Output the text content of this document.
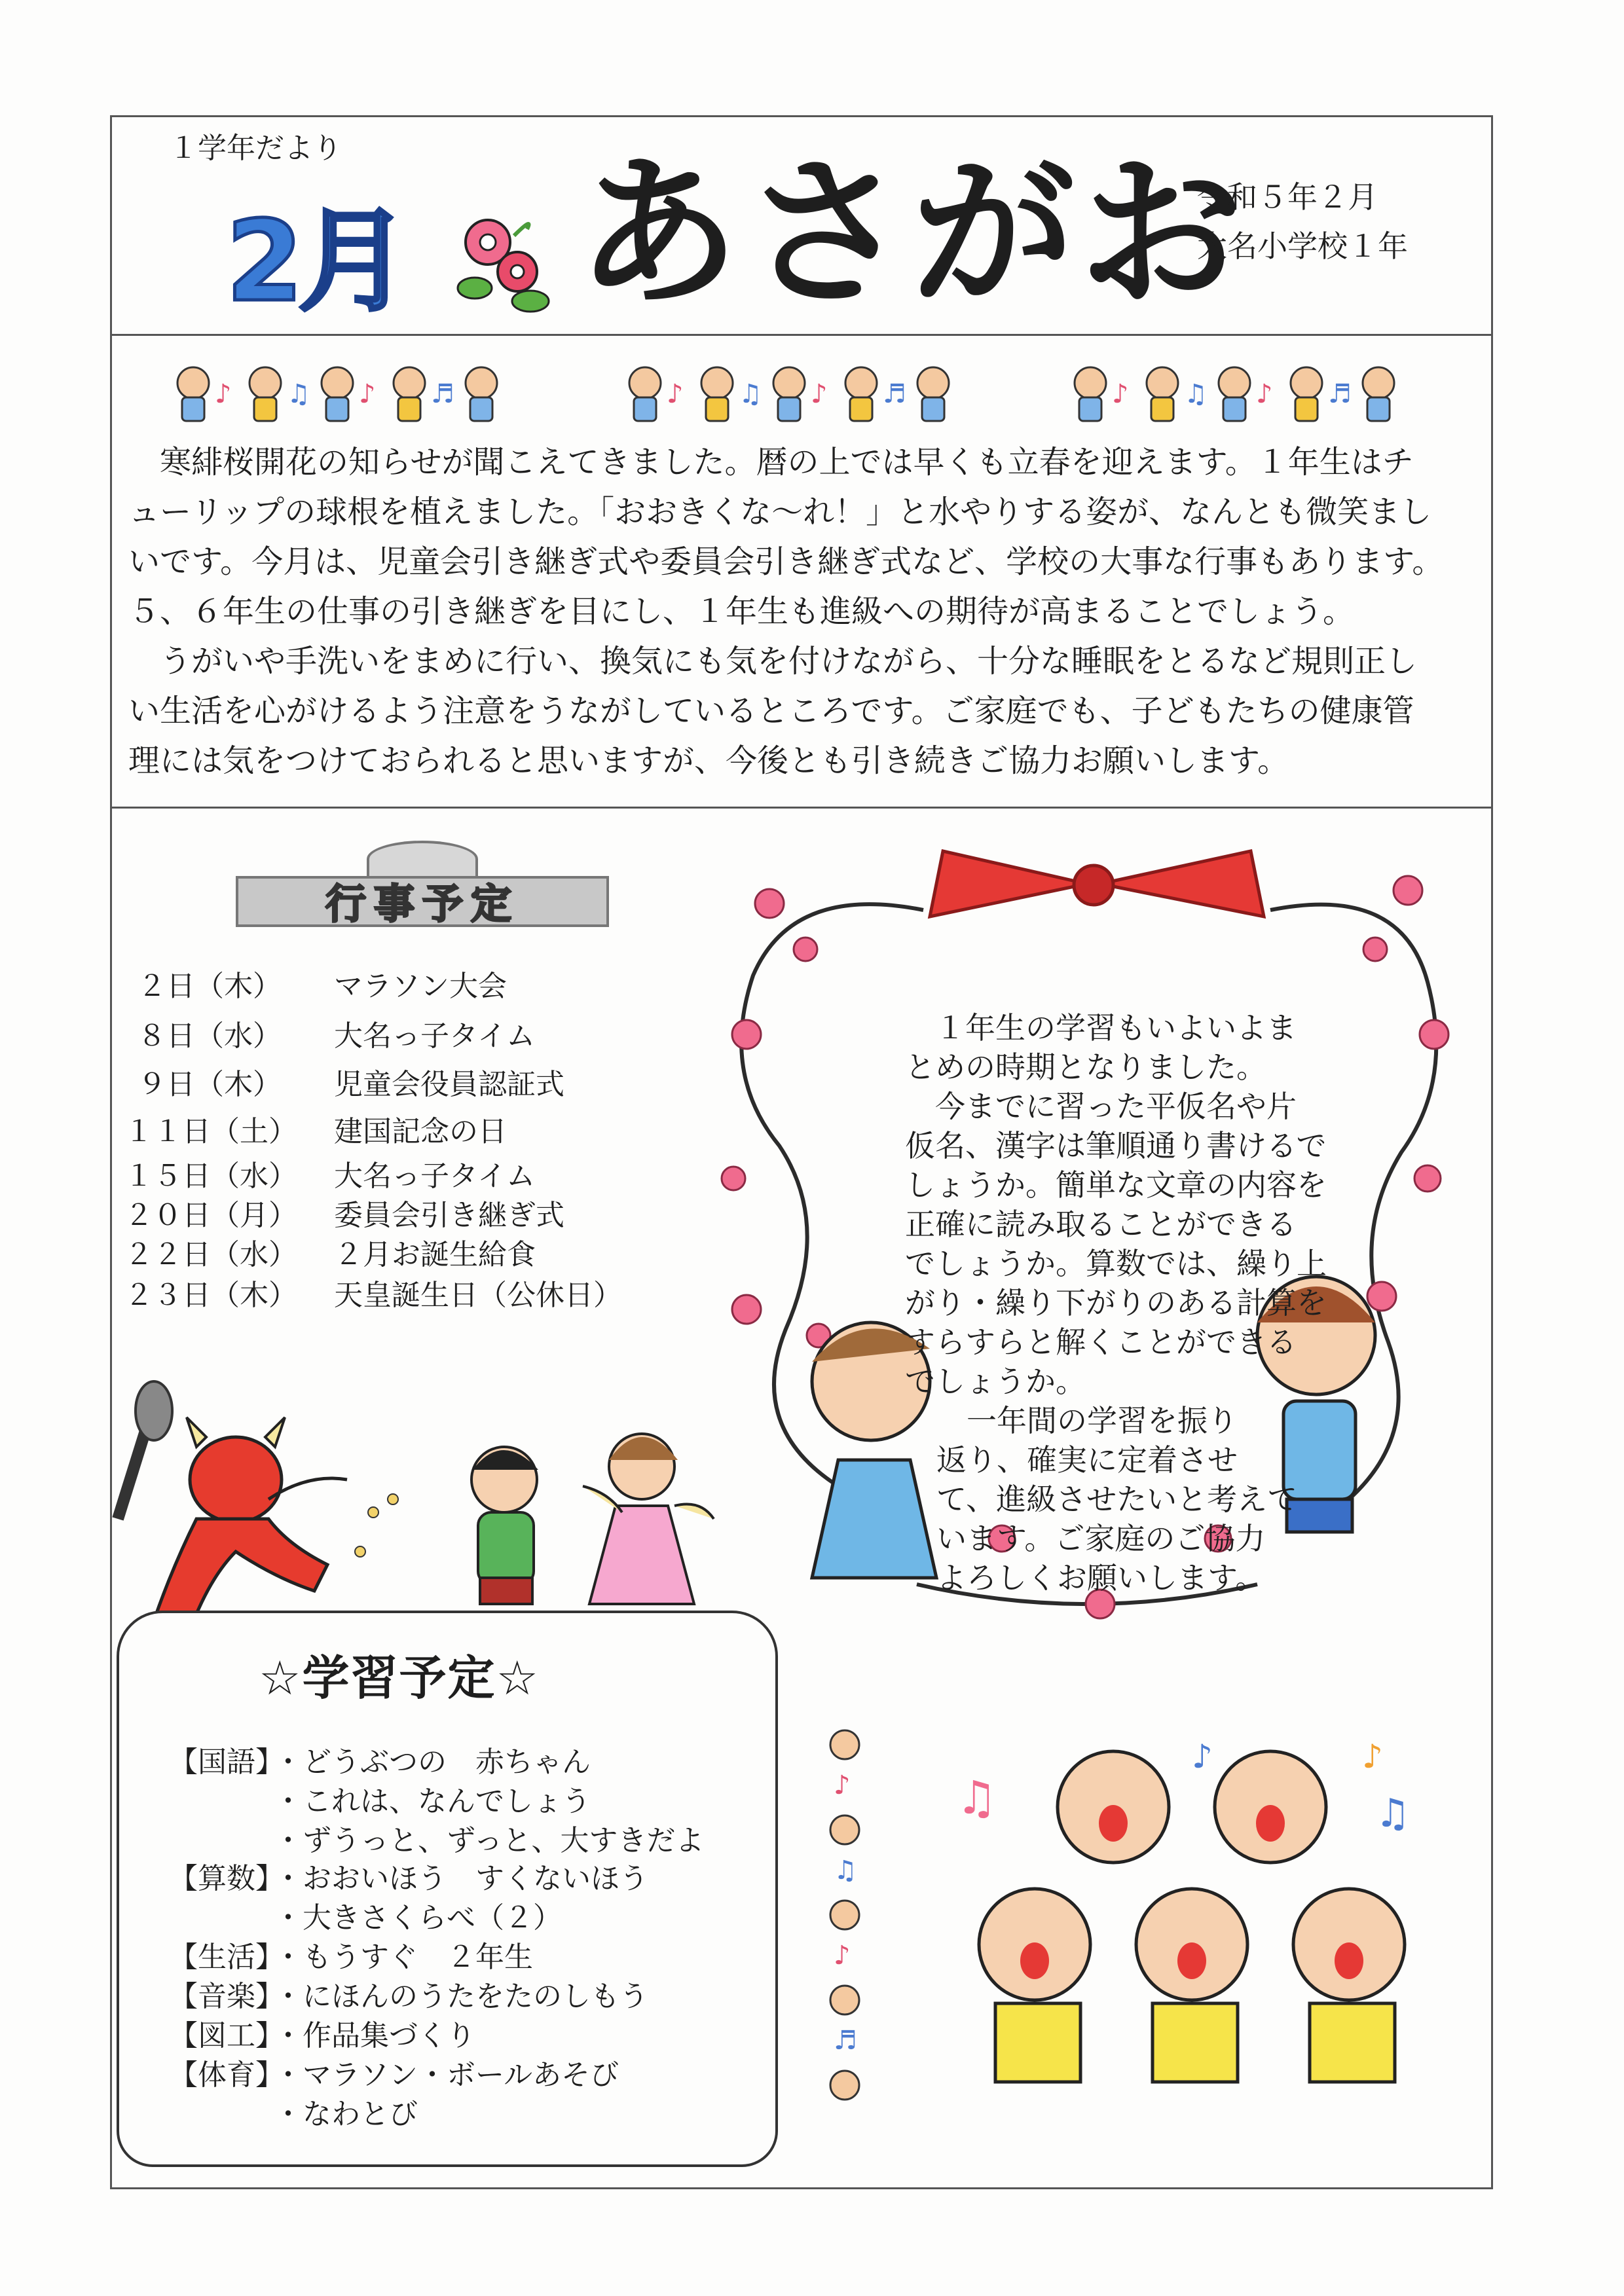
１学年だより
2月 あさがお
令和５年２月
大名小学校１年
♪ ♫ ♪ ♬

寒緋桜開花の知らせが聞こえてきました。暦の上では早くも立春を迎えます。１年生はチ
ューリップの球根を植えました。「おおきくな～れ！」と水やりする姿が、なんとも微笑まし
いです。今月は、児童会引き継ぎ式や委員会引き継ぎ式など、学校の大事な行事もあります。
５、６年生の仕事の引き継ぎを目にし、１年生も進級への期待が高まることでしょう。

うがいや手洗いをまめに行い、換気にも気を付けながら、十分な睡眠をとるなど規則正し
い生活を心がけるよう注意をうながしているところです。ご家庭でも、子どもたちの健康管
理には気をつけておられると思いますが、今後とも引き続きご協力お願いします。

行事予定
２日（木） マラソン大会
８日（水） 大名っ子タイム
９日（木） 児童会役員認証式
１１日（土） 建国記念の日
１５日（水） 大名っ子タイム
２０日（月） 委員会引き継ぎ式
２２日（水） ２月お誕生給食
２３日（木） 天皇誕生日（公休日）
☆学習予定☆
【国語】
・どうぶつの　赤ちゃん
・これは、なんでしょう
・ずうっと、ずっと、大すきだよ
【算数】
・おおいほう　すくないほう
・大きさくらべ（２）
【生活】
・もうすぐ　２年生
【音楽】
・にほんのうたをたのしもう
【図工】
・作品集づくり
【体育】
・マラソン・ボールあそび
・なわとび
　１年生の学習もいよいよま
とめの時期となりました。
　今までに習った平仮名や片
仮名、漢字は筆順通り書けるで
しょうか。簡単な文章の内容を
正確に読み取ることができる
でしょうか。算数では、繰り上
がり・繰り下がりのある計算を
すらすらと解くことができる
でしょうか。
　一年間の学習を振り
返り、確実に定着させ
て、進級させたいと考えて
います。ご家庭のご協力
よろしくお願いします。
♪
♫
♪
♬
♫
♪	♪
♫
